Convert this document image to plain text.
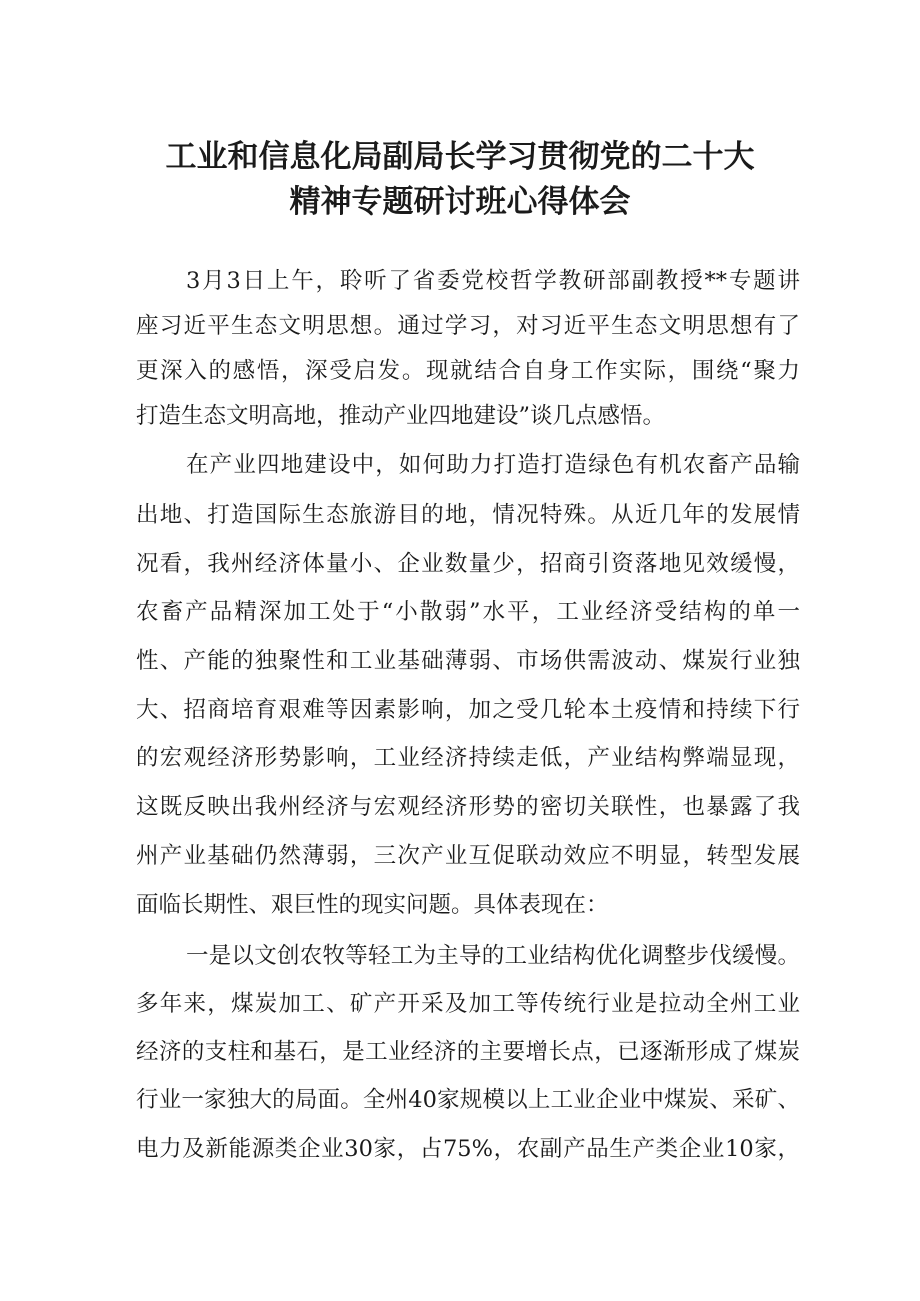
工业和信息化局副局长学习贯彻党的二十大
精神专题研讨班心得体会
3月3日上午，聆听了省委党校哲学教研部副教授**专题讲
座习近平生态文明思想。通过学习，对习近平生态文明思想有了
更深入的感悟，深受启发。现就结合自身工作实际，围绕“聚力
打造生态文明高地，推动产业四地建设”谈几点感悟。
在产业四地建设中，如何助力打造打造绿色有机农畜产品输
出地、打造国际生态旅游目的地，情况特殊。从近几年的发展情
况看，我州经济体量小、企业数量少，招商引资落地见效缓慢，
农畜产品精深加工处于“小散弱”水平，工业经济受结构的单一
性、产能的独聚性和工业基础薄弱、市场供需波动、煤炭行业独
大、招商培育艰难等因素影响，加之受几轮本土疫情和持续下行
的宏观经济形势影响，工业经济持续走低，产业结构弊端显现，
这既反映出我州经济与宏观经济形势的密切关联性，也暴露了我
州产业基础仍然薄弱，三次产业互促联动效应不明显，转型发展
面临长期性、艰巨性的现实问题。具体表现在：
一是以文创农牧等轻工为主导的工业结构优化调整步伐缓慢。
多年来，煤炭加工、矿产开采及加工等传统行业是拉动全州工业
经济的支柱和基石，是工业经济的主要增长点，已逐渐形成了煤炭
行业一家独大的局面。全州40家规模以上工业企业中煤炭、采矿、
电力及新能源类企业30家，占75%，农副产品生产类企业10家，
